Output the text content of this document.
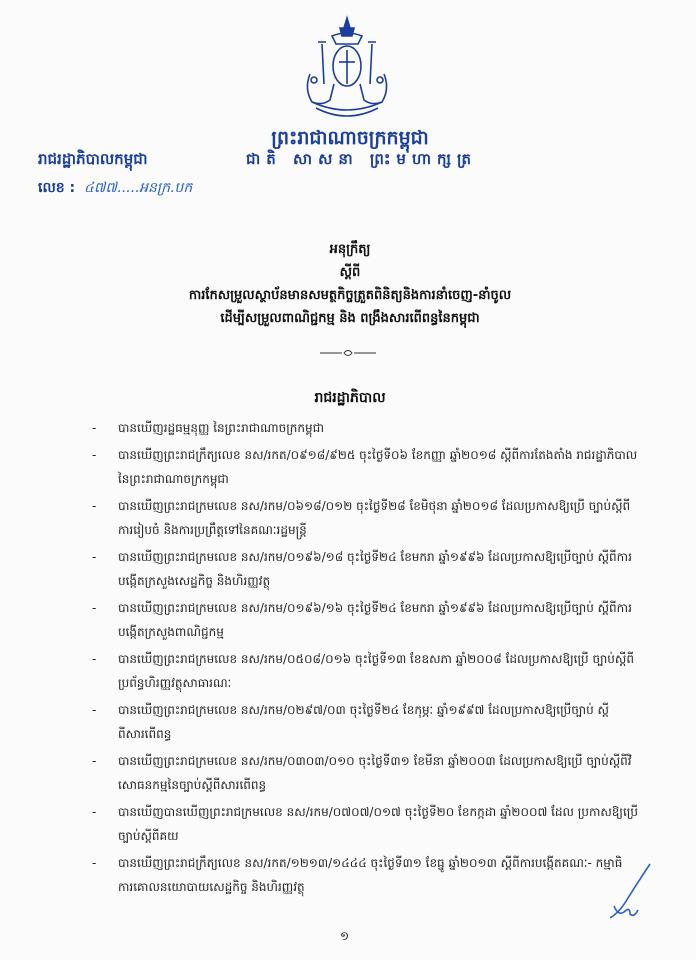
ព្រះរាជាណាចក្រកម្ពុជា
ជាតិ សាសនា ព្រះមហាក្សត្រ
រាជរដ្ឋាភិបាលកម្ពុជា
លេខ : ៤៧៧.....អនក្រ.បក
អនុក្រឹត្យ
ស្តីពី
ការកែសម្រួលស្ថាប័នមានសមត្ថកិច្ចត្រួតពិនិត្យនិងការនាំចេញ-នាំចូល
ដើម្បីសម្រួលពាណិជ្ជកម្ម និង ពង្រឹងសារពើពន្ធនៃកម្ពុជា
រាជរដ្ឋាភិបាល
- បានឃើញរដ្ឋធម្មនុញ្ញ នៃព្រះរាជាណាចក្រកម្ពុជា
- បានឃើញព្រះរាជក្រឹត្យលេខ នស/រកត/០៩១៨/៩២៥ ចុះថ្ងៃទី០៦ ខែកញ្ញា ឆ្នាំ២០១៨ ស្តីពីការតែងតាំង រាជរដ្ឋាភិបាល នៃព្រះរាជាណាចក្រកម្ពុជា
- បានឃើញព្រះរាជក្រមលេខ នស/រកម/០៦១៨/០១២ ចុះថ្ងៃទី២៨ ខែមិថុនា ឆ្នាំ២០១៨ ដែលប្រកាសឱ្យប្រើ ច្បាប់ស្តីពីការរៀបចំ និងការប្រព្រឹត្តទៅនៃគណៈរដ្ឋមន្ត្រី
- បានឃើញព្រះរាជក្រមលេខ នស/រកម/០១៩៦/១៨ ចុះថ្ងៃទី២៤ ខែមករា ឆ្នាំ១៩៩៦ ដែលប្រកាសឱ្យប្រើច្បាប់ ស្តីពីការបង្កើតក្រសួងសេដ្ឋកិច្ច និងហិរញ្ញវត្ថុ
- បានឃើញព្រះរាជក្រមលេខ នស/រកម/០១៩៦/១៦ ចុះថ្ងៃទី២៤ ខែមករា ឆ្នាំ១៩៩៦ ដែលប្រកាសឱ្យប្រើច្បាប់ ស្តីពីការបង្កើតក្រសួងពាណិជ្ជកម្ម
- បានឃើញព្រះរាជក្រមលេខ នស/រកម/០៥០៨/០១៦ ចុះថ្ងៃទី១៣ ខែឧសភា ឆ្នាំ២០០៨ ដែលប្រកាសឱ្យប្រើ ច្បាប់ស្តីពីប្រព័ន្ធហិរញ្ញវត្ថុសាធារណៈ
- បានឃើញព្រះរាជក្រមលេខ នស/រកម/០២៩៧/០៣ ចុះថ្ងៃទី២៤ ខែកុម្ភៈ ឆ្នាំ១៩៩៧ ដែលប្រកាសឱ្យប្រើច្បាប់ ស្តីពីសារពើពន្ធ
- បានឃើញព្រះរាជក្រមលេខ នស/រកម/០៣០៣/០១០ ចុះថ្ងៃទី៣១ ខែមីនា ឆ្នាំ២០០៣ ដែលប្រកាសឱ្យប្រើ ច្បាប់ស្តីពីវិសោធនកម្មនៃច្បាប់ស្តីពីសារពើពន្ធ
- បានឃើញបានឃើញព្រះរាជក្រមលេខ នស/រកម/០៧០៧/០១៧ ចុះថ្ងៃទី២០ ខែកក្កដា ឆ្នាំ២០០៧ ដែល ប្រកាសឱ្យប្រើច្បាប់ស្តីពីគយ
- បានឃើញព្រះរាជក្រឹត្យលេខ នស/រកត/១២១៣/១៤៤៤ ចុះថ្ងៃទី៣១ ខែធ្នូ ឆ្នាំ២០១៣ ស្តីពីការបង្កើតគណៈ- កម្មាធិការគោលនយោបាយសេដ្ឋកិច្ច និងហិរញ្ញវត្ថុ
១
